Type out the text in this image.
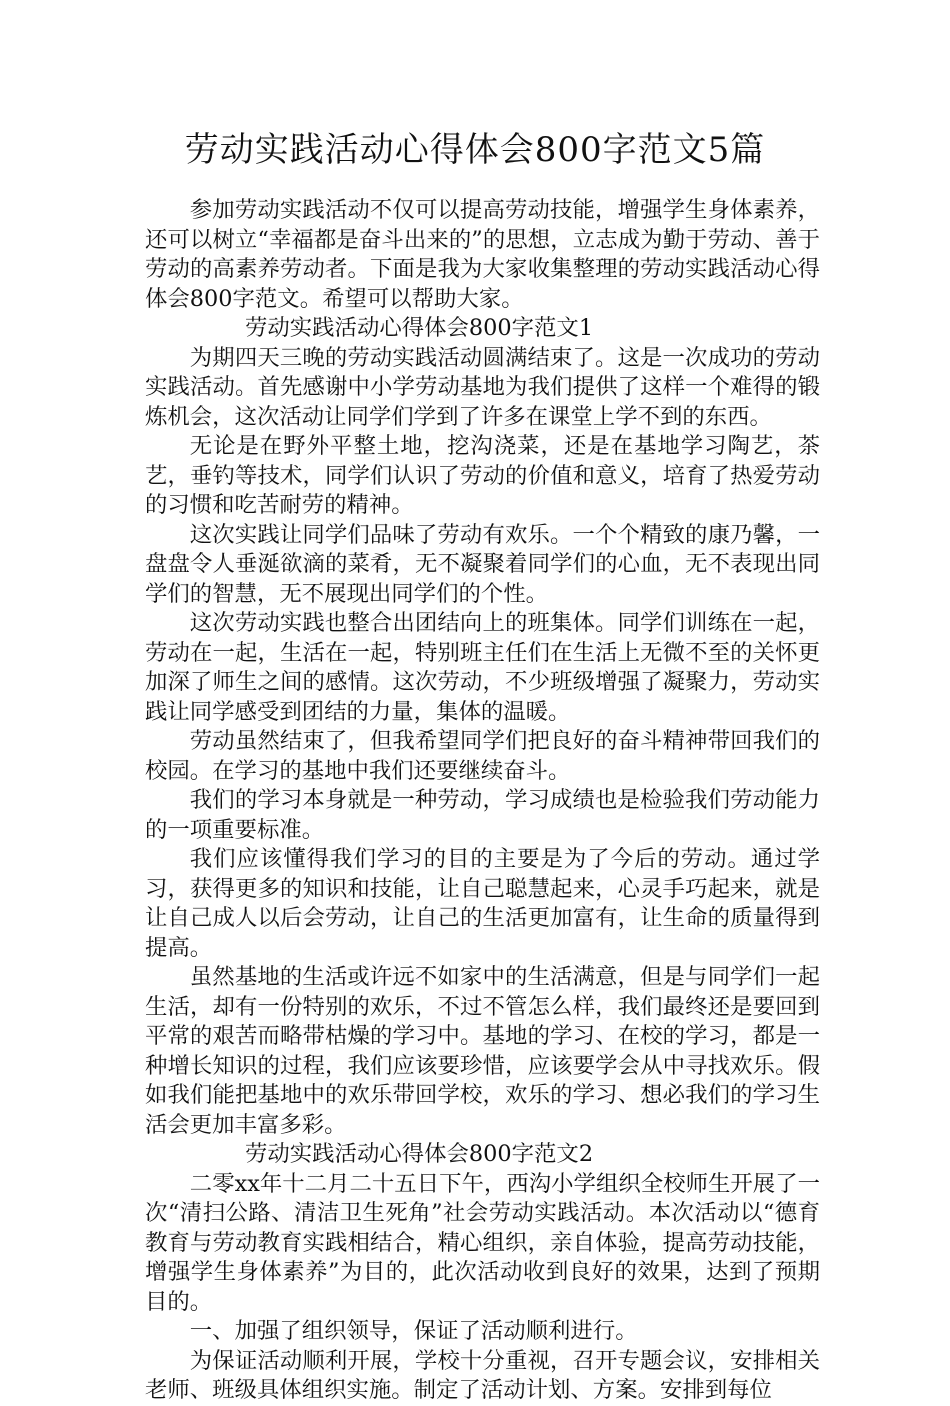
劳动实践活动心得体会800字范文5篇

参加劳动实践活动不仅可以提高劳动技能，增强学生身体素养，还可以树立“幸福都是奋斗出来的”的思想，立志成为勤于劳动、善于劳动的高素养劳动者。下面是我为大家收集整理的劳动实践活动心得体会800字范文。希望可以帮助大家。

劳动实践活动心得体会800字范文1

为期四天三晚的劳动实践活动圆满结束了。这是一次成功的劳动实践活动。首先感谢中小学劳动基地为我们提供了这样一个难得的锻炼机会，这次活动让同学们学到了许多在课堂上学不到的东西。

无论是在野外平整土地，挖沟浇菜，还是在基地学习陶艺，茶艺，垂钓等技术，同学们认识了劳动的价值和意义，培育了热爱劳动的习惯和吃苦耐劳的精神。

这次实践让同学们品味了劳动有欢乐。一个个精致的康乃馨，一盘盘令人垂涎欲滴的菜肴，无不凝聚着同学们的心血，无不表现出同学们的智慧，无不展现出同学们的个性。

这次劳动实践也整合出团结向上的班集体。同学们训练在一起，劳动在一起，生活在一起，特别班主任们在生活上无微不至的关怀更加深了师生之间的感情。这次劳动，不少班级增强了凝聚力，劳动实践让同学感受到团结的力量，集体的温暖。

劳动虽然结束了，但我希望同学们把良好的奋斗精神带回我们的校园。在学习的基地中我们还要继续奋斗。

我们的学习本身就是一种劳动，学习成绩也是检验我们劳动能力的一项重要标准。

我们应该懂得我们学习的目的主要是为了今后的劳动。通过学习，获得更多的知识和技能，让自己聪慧起来，心灵手巧起来，就是让自己成人以后会劳动，让自己的生活更加富有，让生命的质量得到提高。

虽然基地的生活或许远不如家中的生活满意，但是与同学们一起生活，却有一份特别的欢乐，不过不管怎么样，我们最终还是要回到平常的艰苦而略带枯燥的学习中。基地的学习、在校的学习，都是一种增长知识的过程，我们应该要珍惜，应该要学会从中寻找欢乐。假如我们能把基地中的欢乐带回学校，欢乐的学习、想必我们的学习生活会更加丰富多彩。

劳动实践活动心得体会800字范文2

二零xx年十二月二十五日下午，西沟小学组织全校师生开展了一次“清扫公路、清洁卫生死角”社会劳动实践活动。本次活动以“德育教育与劳动教育实践相结合，精心组织，亲自体验，提高劳动技能，增强学生身体素养”为目的，此次活动收到良好的效果，达到了预期目的。

一、加强了组织领导，保证了活动顺利进行。

为保证活动顺利开展，学校十分重视，召开专题会议，安排相关老师、班级具体组织实施。制定了活动计划、方案。安排到每位
